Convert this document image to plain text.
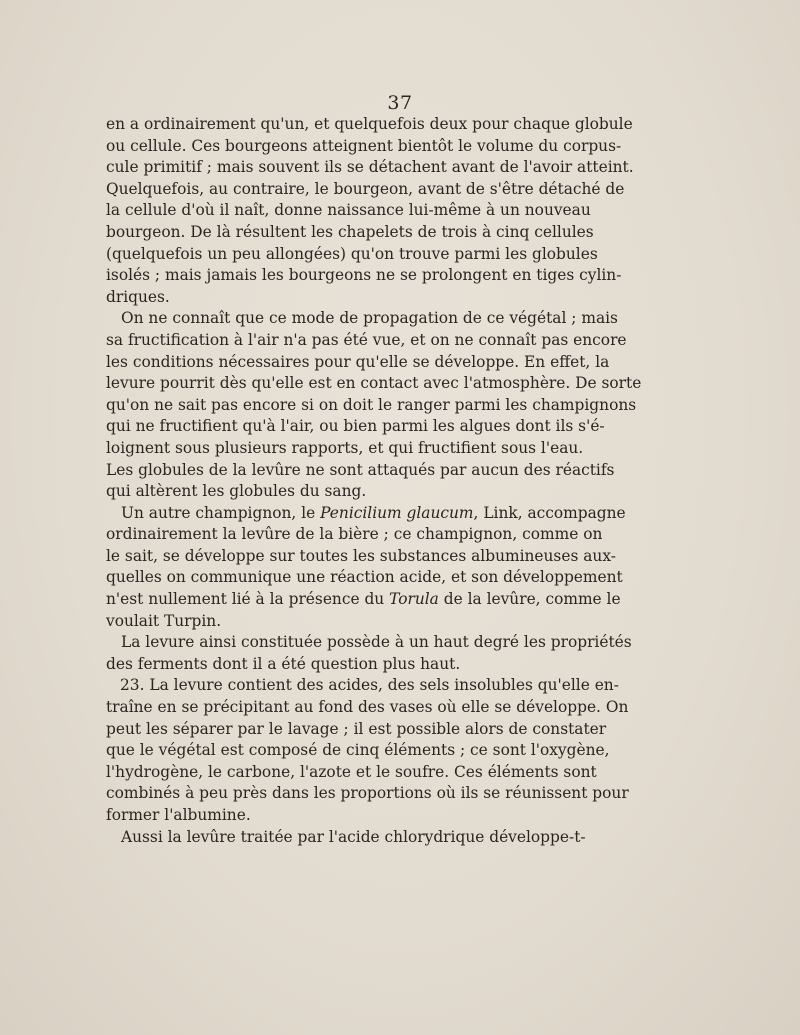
37
en a ordinairement qu'un, et quelquefois deux pour chaque globule
ou cellule. Ces bourgeons atteignent bientôt le volume du corpus-
cule primitif ; mais souvent ils se détachent avant de l'avoir atteint.
Quelquefois, au contraire, le bourgeon, avant de s'être détaché de
la cellule d'où il naît, donne naissance lui-même à un nouveau
bourgeon. De là résultent les chapelets de trois à cinq cellules
(quelquefois un peu allongées) qu'on trouve parmi les globules
isolés ; mais jamais les bourgeons ne se prolongent en tiges cylin-
driques.
On ne connaît que ce mode de propagation de ce végétal ; mais
sa fructification à l'air n'a pas été vue, et on ne connaît pas encore
les conditions nécessaires pour qu'elle se développe. En effet, la
levure pourrit dès qu'elle est en contact avec l'atmosphère. De sorte
qu'on ne sait pas encore si on doit le ranger parmi les champignons
qui ne fructifient qu'à l'air, ou bien parmi les algues dont ils s'é-
loignent sous plusieurs rapports, et qui fructifient sous l'eau.
Les globules de la levûre ne sont attaqués par aucun des réactifs
qui altèrent les globules du sang.
Un autre champignon, le Penicilium glaucum, Link, accompagne
ordinairement la levûre de la bière ; ce champignon, comme on
le sait, se développe sur toutes les substances albumineuses aux-
quelles on communique une réaction acide, et son développement
n'est nullement lié à la présence du Torula de la levûre, comme le
voulait Turpin.
La levure ainsi constituée possède à un haut degré les propriétés
des ferments dont il a été question plus haut.
23. La levure contient des acides, des sels insolubles qu'elle en-
traîne en se précipitant au fond des vases où elle se développe. On
peut les séparer par le lavage ; il est possible alors de constater
que le végétal est composé de cinq éléments ; ce sont l'oxygène,
l'hydrogène, le carbone, l'azote et le soufre. Ces éléments sont
combinés à peu près dans les proportions où ils se réunissent pour
former l'albumine.
Aussi la levûre traitée par l'acide chlorydrique développe-t-
